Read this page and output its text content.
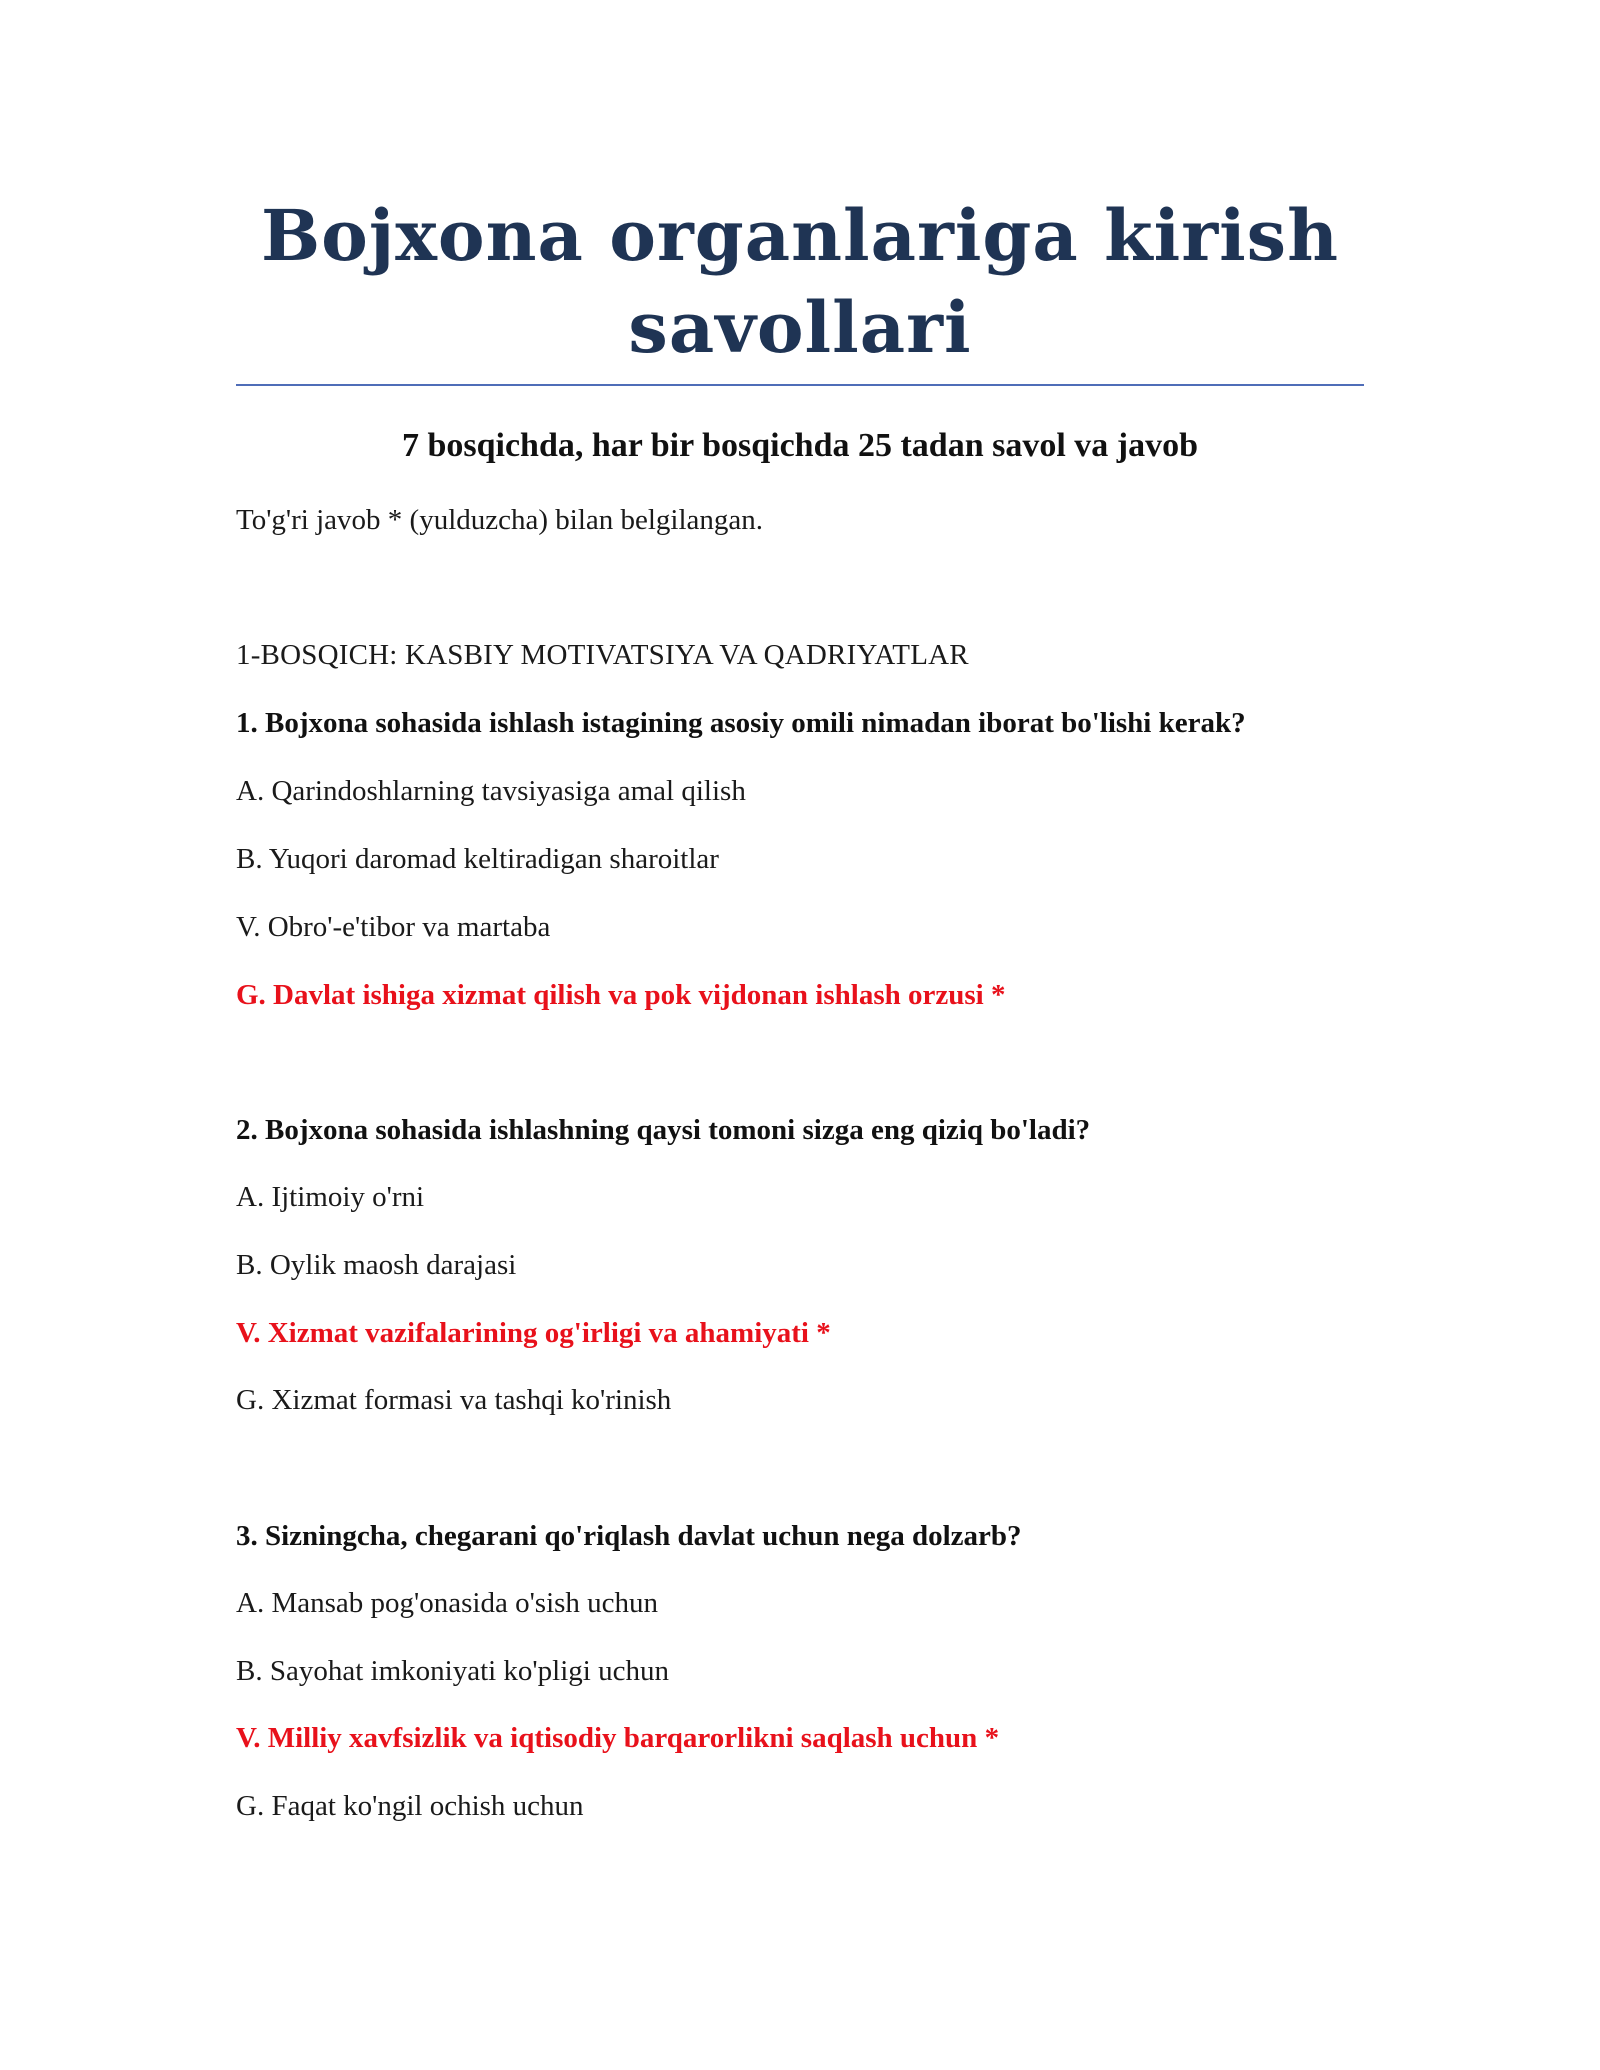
Bojxona organlariga kirish
savollari
7 bosqichda, har bir bosqichda 25 tadan savol va javob
To'g'ri javob * (yulduzcha) bilan belgilangan.
1-BOSQICH: KASBIY MOTIVATSIYA VA QADRIYATLAR
1. Bojxona sohasida ishlash istagining asosiy omili nimadan iborat bo'lishi kerak?
A. Qarindoshlarning tavsiyasiga amal qilish
B. Yuqori daromad keltiradigan sharoitlar
V. Obro'-e'tibor va martaba
G. Davlat ishiga xizmat qilish va pok vijdonan ishlash orzusi *
2. Bojxona sohasida ishlashning qaysi tomoni sizga eng qiziq bo'ladi?
A. Ijtimoiy o'rni
B. Oylik maosh darajasi
V. Xizmat vazifalarining og'irligi va ahamiyati *
G. Xizmat formasi va tashqi ko'rinish
3. Sizningcha, chegarani qo'riqlash davlat uchun nega dolzarb?
A. Mansab pog'onasida o'sish uchun
B. Sayohat imkoniyati ko'pligi uchun
V. Milliy xavfsizlik va iqtisodiy barqarorlikni saqlash uchun *
G. Faqat ko'ngil ochish uchun
